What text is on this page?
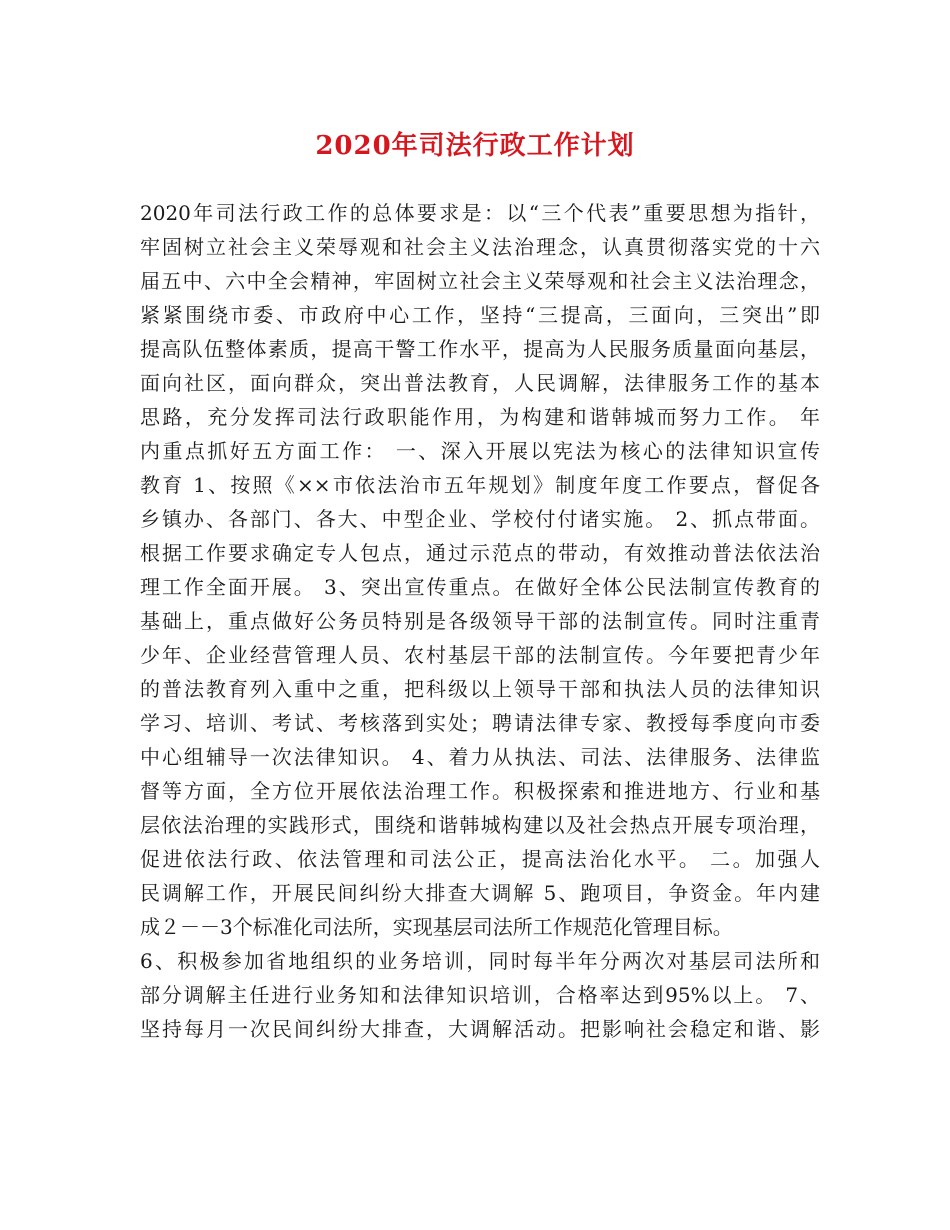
2020年司法行政工作计划
2020年司法行政工作的总体要求是：以“三个代表”重要思想为指针，
牢固树立社会主义荣辱观和社会主义法治理念，认真贯彻落实党的十六
届五中、六中全会精神，牢固树立社会主义荣辱观和社会主义法治理念，
紧紧围绕市委、市政府中心工作，坚持“三提高，三面向，三突出”即
提高队伍整体素质，提高干警工作水平，提高为人民服务质量面向基层，
面向社区，面向群众，突出普法教育，人民调解，法律服务工作的基本
思路，充分发挥司法行政职能作用，为构建和谐韩城而努力工作。 年
内重点抓好五方面工作： 一、深入开展以宪法为核心的法律知识宣传
教育 1、按照《××市依法治市五年规划》制度年度工作要点，督促各
乡镇办、各部门、各大、中型企业、学校付付诸实施。 2、抓点带面。
根据工作要求确定专人包点，通过示范点的带动，有效推动普法依法治
理工作全面开展。 3、突出宣传重点。在做好全体公民法制宣传教育的
基础上，重点做好公务员特别是各级领导干部的法制宣传。同时注重青
少年、企业经营管理人员、农村基层干部的法制宣传。今年要把青少年
的普法教育列入重中之重，把科级以上领导干部和执法人员的法律知识
学习、培训、考试、考核落到实处；聘请法律专家、教授每季度向市委
中心组辅导一次法律知识。 4、着力从执法、司法、法律服务、法律监
督等方面，全方位开展依法治理工作。积极探索和推进地方、行业和基
层依法治理的实践形式，围绕和谐韩城构建以及社会热点开展专项治理，
促进依法行政、依法管理和司法公正，提高法治化水平。 二。加强人
民调解工作，开展民间纠纷大排查大调解 5、跑项目，争资金。年内建
成２－－3个标准化司法所，实现基层司法所工作规范化管理目标。
6、积极参加省地组织的业务培训，同时每半年分两次对基层司法所和
部分调解主任进行业务知和法律知识培训，合格率达到95%以上。 7、
坚持每月一次民间纠纷大排查，大调解活动。把影响社会稳定和谐、影
